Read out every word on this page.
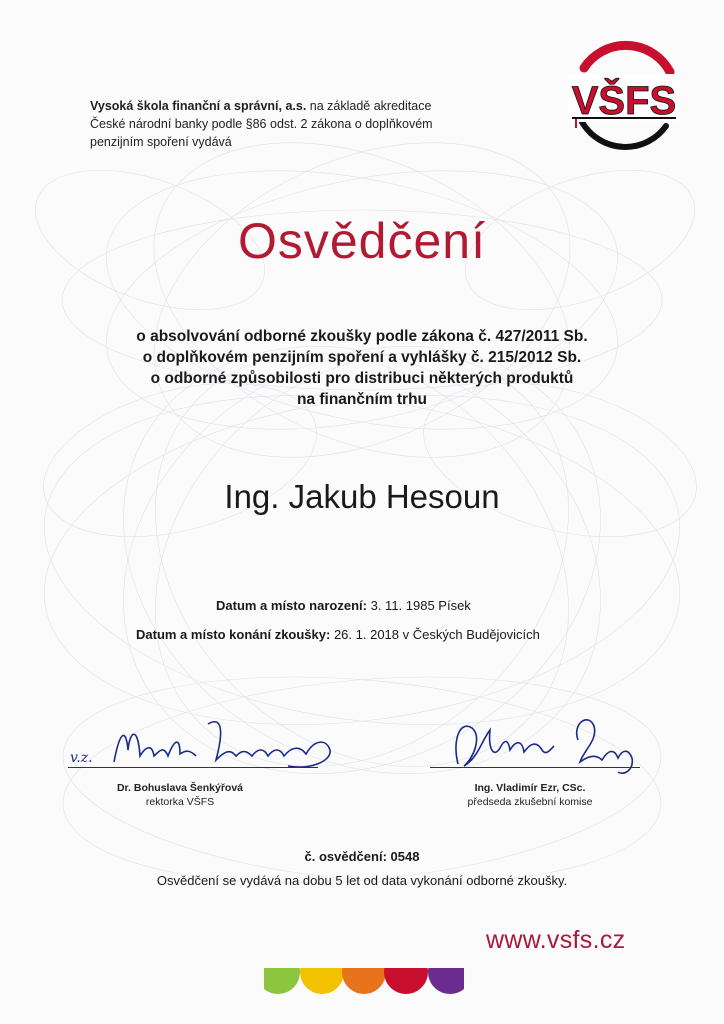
Vysoká škola finanční a správní, a.s. na základě akreditace
České národní banky podle §86 odst. 2 zákona o doplňkovém
penzijním spoření vydává
VŠFS
Osvědčení
o absolvování odborné zkoušky podle zákona č. 427/2011 Sb.
o doplňkovém penzijním spoření a vyhlášky č. 215/2012 Sb.
o odborné způsobilosti pro distribuci některých produktů
na finančním trhu
Ing. Jakub Hesoun
Datum a místo narození: 3. 11. 1985 Písek
Datum a místo konání zkoušky: 26. 1. 2018 v Českých Budějovicích
v.z.
Dr. Bohuslava Šenkýřová
rektorka VŠFS
Ing. Vladimír Ezr, CSc.
předseda zkušební komise
č. osvědčení: 0548
Osvědčení se vydává na dobu 5 let od data vykonání odborné zkoušky.
www.vsfs.cz
